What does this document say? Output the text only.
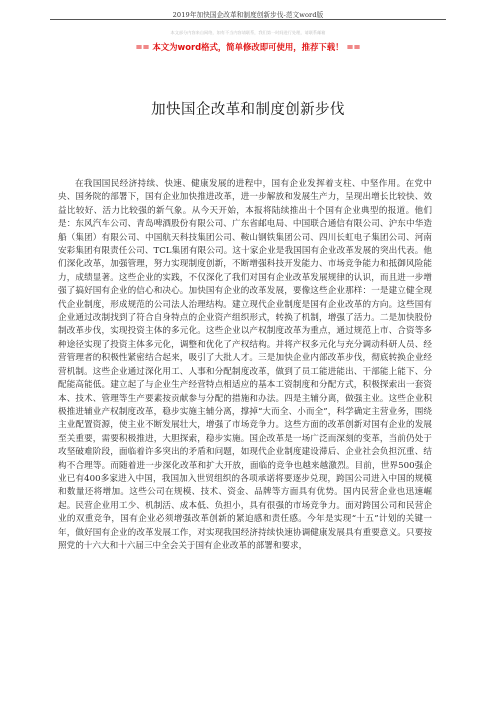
2019年加快国企改革和制度创新步伐-范文word版
本文部分内容来自网络，如有不当内容请联系，我们第一时间进行处理，请联系邮箱
== 本文为word格式，简单修改即可使用，推荐下载！ ==
加快国企改革和制度创新步伐
在我国国民经济持续、快速、健康发展的进程中，国有企业发挥着支柱、中坚作用。在党中央、国务院的部署下，国有企业加快推进改革，进一步解放和发展生产力，呈现出增长比较快、效益比较好、活力比较强的新气象。从今天开始，本报将陆续推出十个国有企业典型的报道。他们是：东风汽车公司、青岛啤酒股份有限公司、广东省邮电局、中国联合通信有限公司、沪东中华造船（集团）有限公司、中国航天科技集团公司、鞍山钢铁集团公司、四川长虹电子集团公司、河南安彩集团有限责任公司、TCL集团有限公司。这十家企业是我国国有企业改革发展的突出代表。他们深化改革，加强管理，努力实现制度创新，不断增强科技开发能力、市场竞争能力和抵御风险能力，成绩显著。这些企业的实践，不仅深化了我们对国有企业改革发展规律的认识，而且进一步增强了搞好国有企业的信心和决心。加快国有企业的改革发展，要像这些企业那样：一是建立健全现代企业制度，形成规范的公司法人治理结构。建立现代企业制度是国有企业改革的方向。这些国有企业通过改制找到了符合自身特点的企业资产组织形式，转换了机制，增强了活力。二是加快股份制改革步伐，实现投资主体的多元化。这些企业以产权制度改革为重点，通过规范上市、合资等多种途径实现了投资主体多元化，调整和优化了产权结构。并将产权多元化与充分调动科研人员、经营管理者的积极性紧密结合起来，吸引了大批人才。三是加快企业内部改革步伐，彻底转换企业经营机制。这些企业通过深化用工、人事和分配制度改革，做到了员工能进能出、干部能上能下、分配能高能低。建立起了与企业生产经营特点相适应的基本工资制度和分配方式，积极探索出一套资本、技术、管理等生产要素按贡献参与分配的措施和办法。四是主辅分离，做强主业。这些企业积极推进辅业产权制度改革，稳步实施主辅分离，撑掉“大而全、小而全”，科学确定主营业务，围绕主业配置资源，使主业不断发展壮大，增强了市场竞争力。这些方面的改革创新对国有企业的发展至关重要，需要积极推进，大胆探索，稳步实施。国企改革是一场广泛而深刻的变革，当前仍处于攻坚破难阶段，面临着许多突出的矛盾和问题，如现代企业制度建设滞后、企业社会负担沉重、结构不合理等。而随着进一步深化改革和扩大开放，面临的竞争也越来越激烈。目前，世界500强企业已有400多家进入中国，我国加入世贸组织的各项承诺将要逐步兑现，跨国公司进入中国的规模和数量还将增加。这些公司在规模、技术、资金、品牌等方面具有优势。国内民营企业也迅速崛起。民营企业用工少、机制活、成本低、负担小，具有很强的市场竞争力。面对跨国公司和民营企业的双重竞争，国有企业必须增强改革创新的紧迫感和责任感。今年是实现“十五”计划的关键一年，做好国有企业的改革发展工作，对实现我国经济持续快速协调健康发展具有重要意义。只要按照党的十六大和十六届三中全会关于国有企业改革的部署和要求，
